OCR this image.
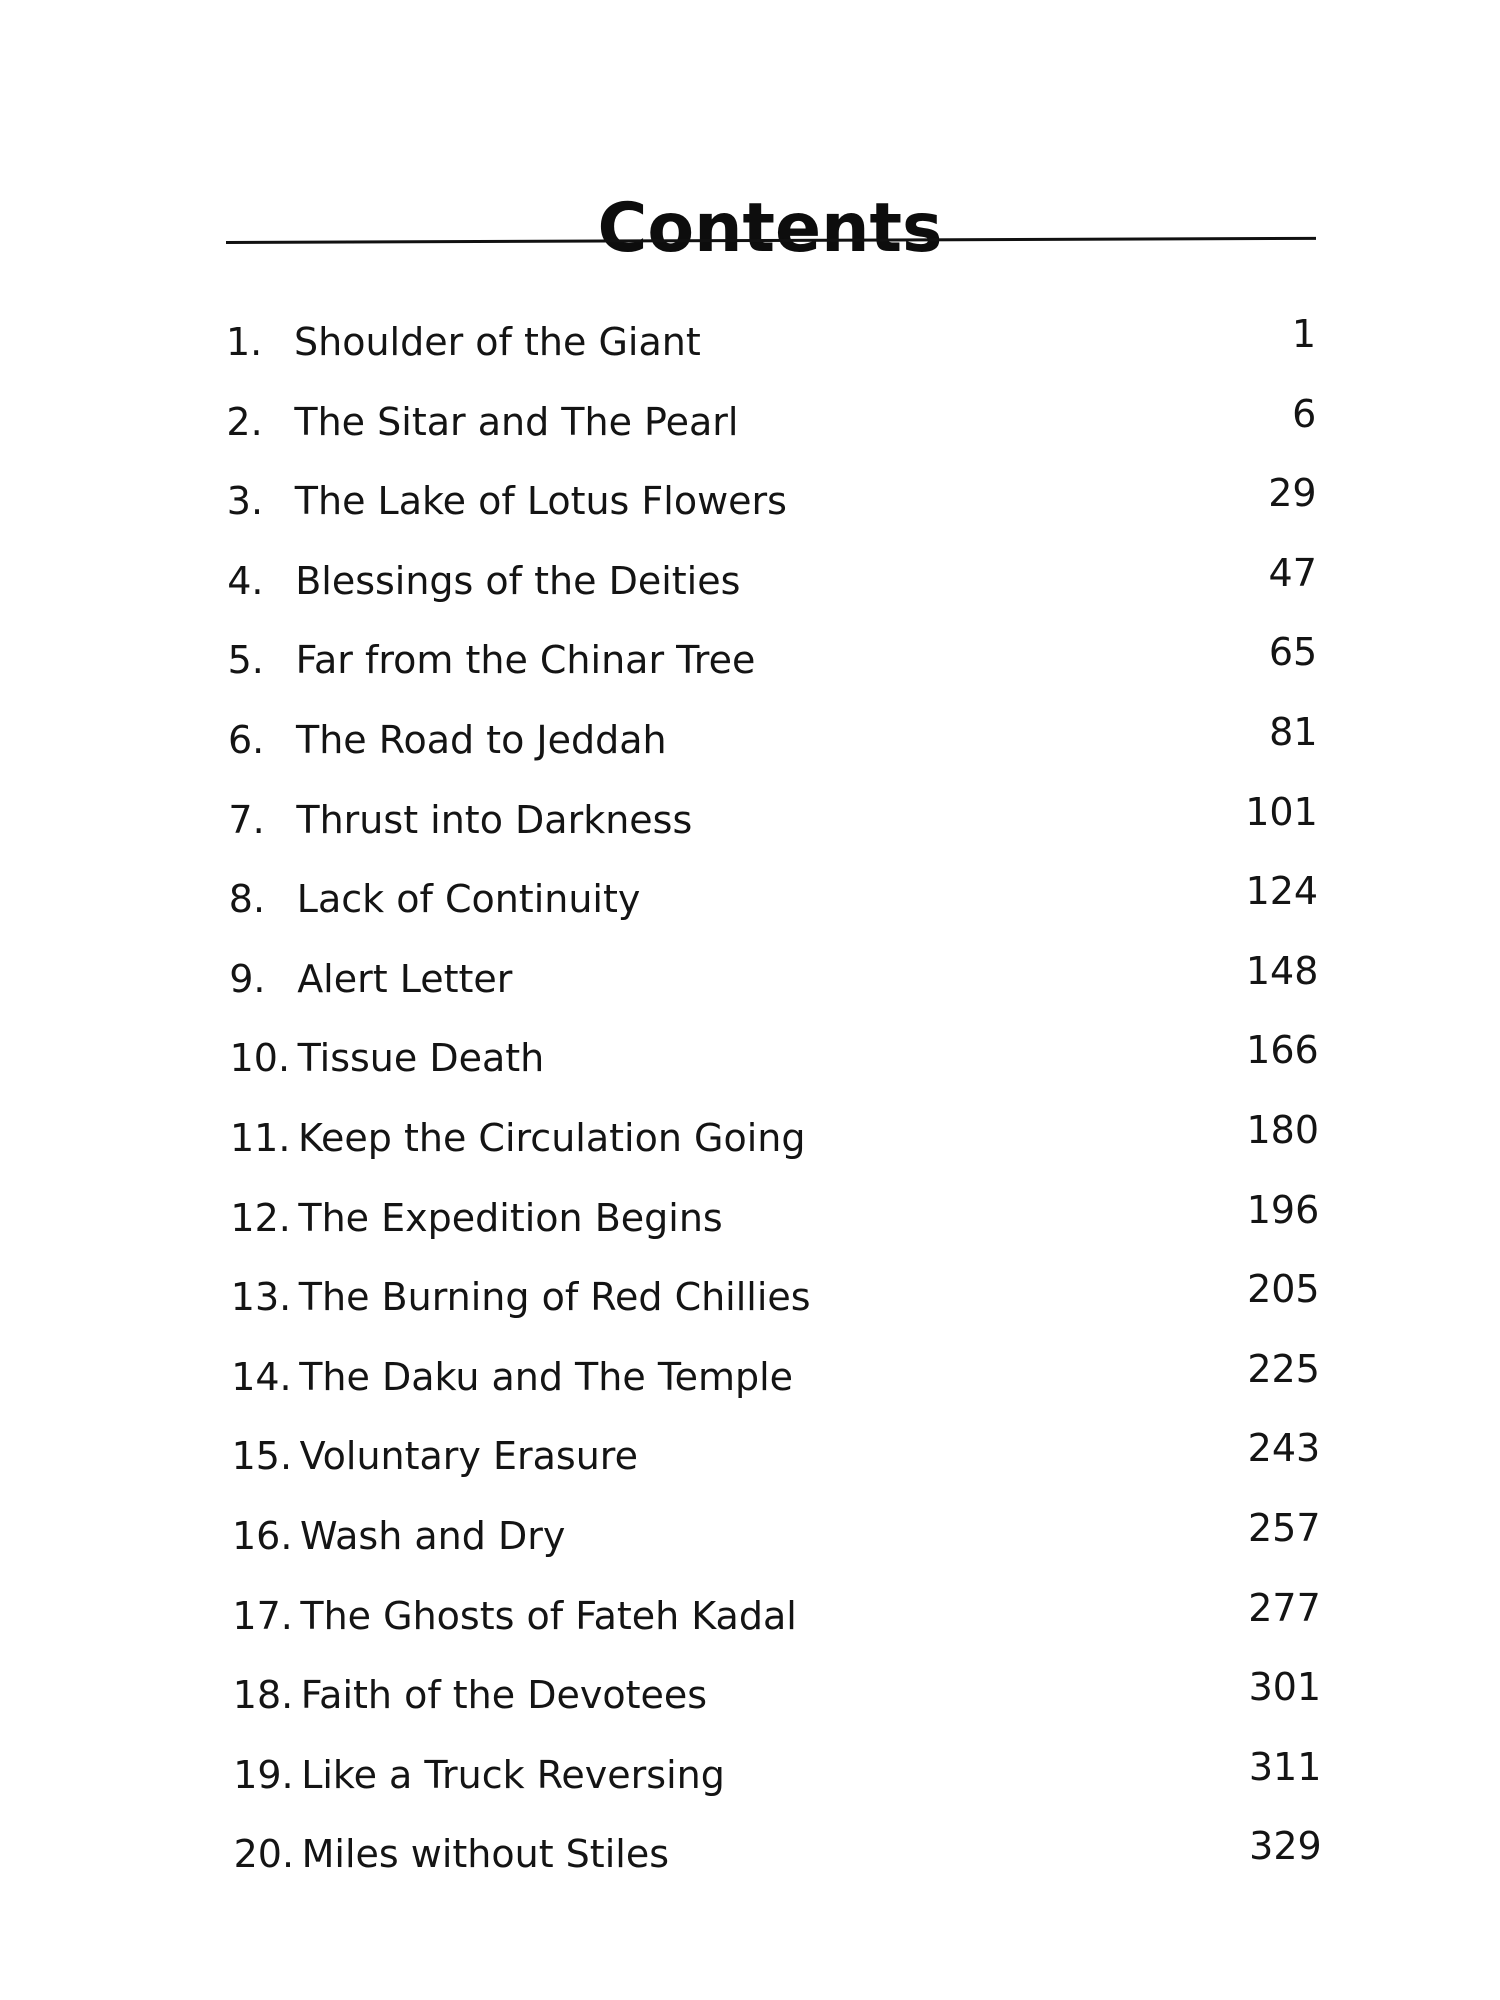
Contents
1. Shoulder of the Giant	1
2. The Sitar and The Pearl	6
3. The Lake of Lotus Flowers	29
4. Blessings of the Deities	47
5. Far from the Chinar Tree	65
6. The Road to Jeddah	81
7. Thrust into Darkness	101
8. Lack of Continuity	124
9. Alert Letter	148
10. Tissue Death	166
11. Keep the Circulation Going	180
12. The Expedition Begins	196
13. The Burning of Red Chillies	205
14. The Daku and The Temple	225
15. Voluntary Erasure	243
16. Wash and Dry	257
17. The Ghosts of Fateh Kadal	277
18. Faith of the Devotees	301
19. Like a Truck Reversing	311
20. Miles without Stiles	329
